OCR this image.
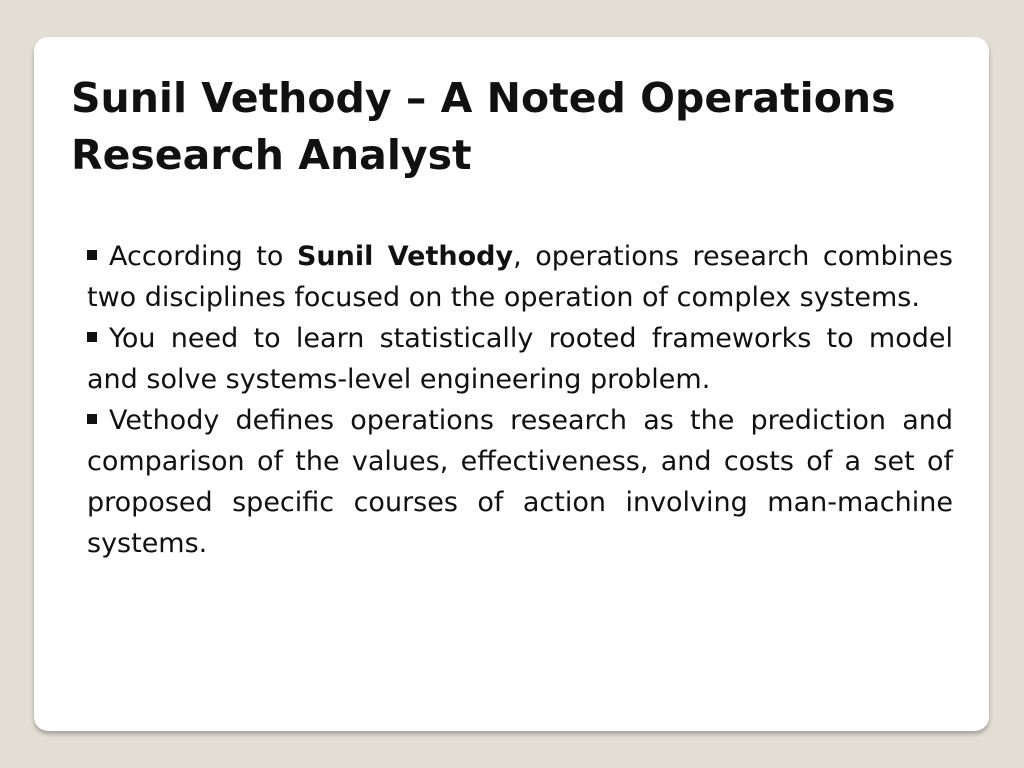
Sunil Vethody – A Noted Operations Research Analyst
According to Sunil Vethody, operations research combines two disciplines focused on the operation of complex systems.
You need to learn statistically rooted frameworks to model and solve systems-level engineering problem.
Vethody defines operations research as the prediction and comparison of the values, effectiveness, and costs of a set of proposed specific courses of action involving man-machine systems.
